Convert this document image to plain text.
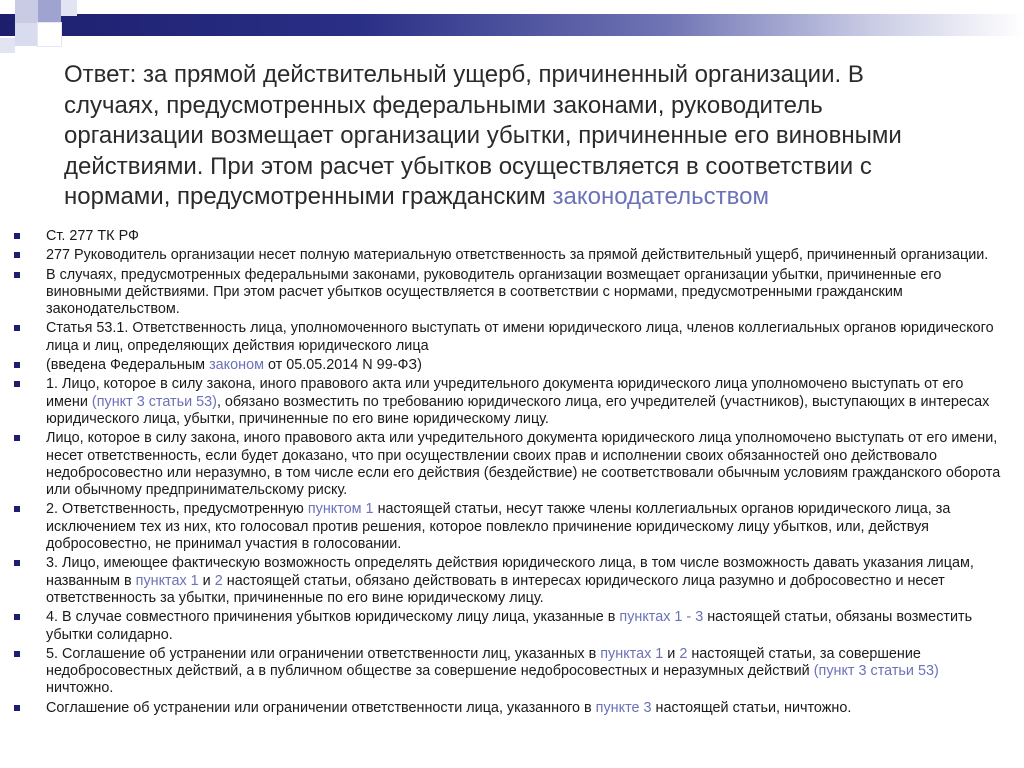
Ответ: за прямой действительный ущерб, причиненный организации. В случаях, предусмотренных федеральными законами, руководитель организации возмещает организации убытки, причиненные его виновными действиями. При этом расчет убытков осуществляется в соответствии с нормами, предусмотренными гражданским законодательством

Ст. 277 ТК РФ
277 Руководитель организации несет полную материальную ответственность за прямой действительный ущерб, причиненный организации.
В случаях, предусмотренных федеральными законами, руководитель организации возмещает организации убытки, причиненные его виновными действиями. При этом расчет убытков осуществляется в соответствии с нормами, предусмотренными гражданским законодательством.
Статья 53.1. Ответственность лица, уполномоченного выступать от имени юридического лица, членов коллегиальных органов юридического лица и лиц, определяющих действия юридического лица
(введена Федеральным законом от 05.05.2014 N 99-ФЗ)
1. Лицо, которое в силу закона, иного правового акта или учредительного документа юридического лица уполномочено выступать от его имени (пункт 3 статьи 53), обязано возместить по требованию юридического лица, его учредителей (участников), выступающих в интересах юридического лица, убытки, причиненные по его вине юридическому лицу.
Лицо, которое в силу закона, иного правового акта или учредительного документа юридического лица уполномочено выступать от его имени, несет ответственность, если будет доказано, что при осуществлении своих прав и исполнении своих обязанностей оно действовало недобросовестно или неразумно, в том числе если его действия (бездействие) не соответствовали обычным условиям гражданского оборота или обычному предпринимательскому риску.
2. Ответственность, предусмотренную пунктом 1 настоящей статьи, несут также члены коллегиальных органов юридического лица, за исключением тех из них, кто голосовал против решения, которое повлекло причинение юридическому лицу убытков, или, действуя добросовестно, не принимал участия в голосовании.
3. Лицо, имеющее фактическую возможность определять действия юридического лица, в том числе возможность давать указания лицам, названным в пунктах 1 и 2 настоящей статьи, обязано действовать в интересах юридического лица разумно и добросовестно и несет ответственность за убытки, причиненные по его вине юридическому лицу.
4. В случае совместного причинения убытков юридическому лицу лица, указанные в пунктах 1 - 3 настоящей статьи, обязаны возместить убытки солидарно.
5. Соглашение об устранении или ограничении ответственности лиц, указанных в пунктах 1 и 2 настоящей статьи, за совершение недобросовестных действий, а в публичном обществе за совершение недобросовестных и неразумных действий (пункт 3 статьи 53) ничтожно.
Соглашение об устранении или ограничении ответственности лица, указанного в пункте 3 настоящей статьи, ничтожно.
